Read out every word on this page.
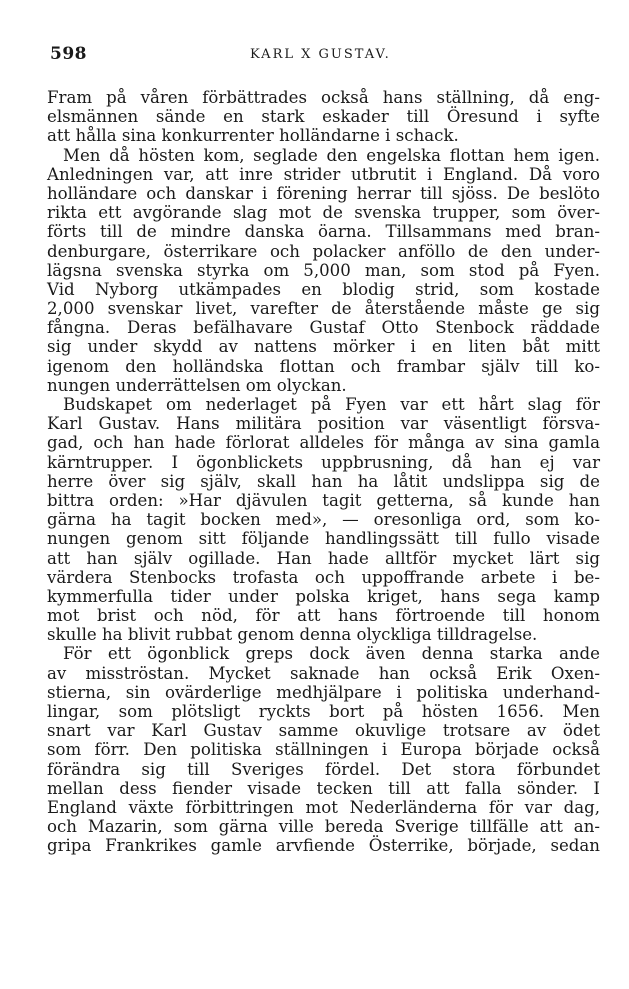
598	KARL X GUSTAV.
Fram på våren förbättrades också hans ställning, då eng-
elsmännen sände en stark eskader till Öresund i syfte
att hålla sina konkurrenter holländarne i schack.
Men då hösten kom, seglade den engelska flottan hem igen.
Anledningen var, att inre strider utbrutit i England. Då voro
holländare och danskar i förening herrar till sjöss. De beslöto
rikta ett avgörande slag mot de svenska trupper, som över-
förts till de mindre danska öarna. Tillsammans med bran-
denburgare, österrikare och polacker anföllo de den under-
lägsna svenska styrka om 5,000 man, som stod på Fyen.
Vid Nyborg utkämpades en blodig strid, som kostade
2,000 svenskar livet, varefter de återstående måste ge sig
fångna. Deras befälhavare Gustaf Otto Stenbock räddade
sig under skydd av nattens mörker i en liten båt mitt
igenom den holländska flottan och frambar själv till ko-
nungen underrättelsen om olyckan.
Budskapet om nederlaget på Fyen var ett hårt slag för
Karl Gustav. Hans militära position var väsentligt försva-
gad, och han hade förlorat alldeles för många av sina gamla
kärntrupper. I ögonblickets uppbrusning, då han ej var
herre över sig själv, skall han ha låtit undslippa sig de
bittra orden: »Har djävulen tagit getterna, så kunde han
gärna ha tagit bocken med», — oresonliga ord, som ko-
nungen genom sitt följande handlingssätt till fullo visade
att han själv ogillade. Han hade alltför mycket lärt sig
värdera Stenbocks trofasta och uppoffrande arbete i be-
kymmerfulla tider under polska kriget, hans sega kamp
mot brist och nöd, för att hans förtroende till honom
skulle ha blivit rubbat genom denna olyckliga tilldragelse.
För ett ögonblick greps dock även denna starka ande
av misströstan. Mycket saknade han också Erik Oxen-
stierna, sin ovärderlige medhjälpare i politiska underhand-
lingar, som plötsligt ryckts bort på hösten 1656. Men
snart var Karl Gustav samme okuvlige trotsare av ödet
som förr. Den politiska ställningen i Europa började också
förändra sig till Sveriges fördel. Det stora förbundet
mellan dess fiender visade tecken till att falla sönder. I
England växte förbittringen mot Nederländerna för var dag,
och Mazarin, som gärna ville bereda Sverige tillfälle att an-
gripa Frankrikes gamle arvfiende Österrike, började, sedan
